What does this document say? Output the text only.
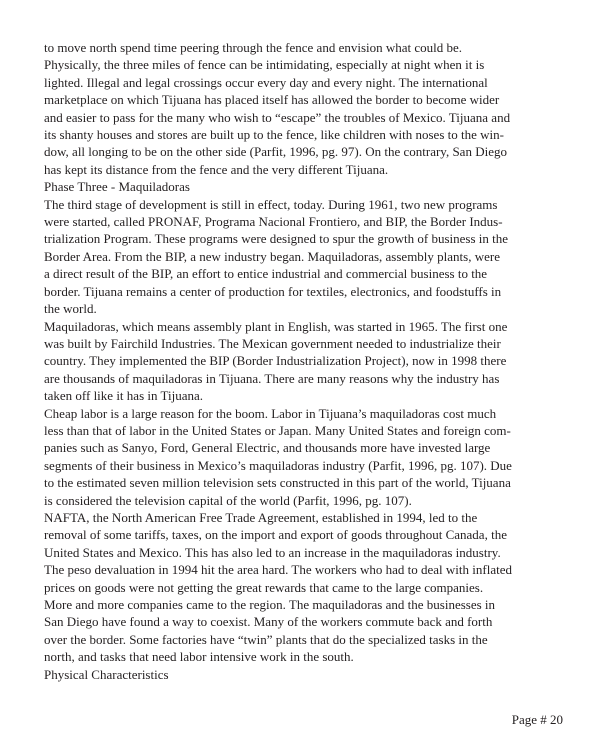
to move north spend time peering through the fence and envision what could be.
Physically, the three miles of fence can be intimidating, especially at night when it is
lighted. Illegal and legal crossings occur every day and every night. The international
marketplace on which Tijuana has placed itself has allowed the border to become wider
and easier to pass for the many who wish to “escape” the troubles of Mexico. Tijuana and
its shanty houses and stores are built up to the fence, like children with noses to the win-
dow, all longing to be on the other side (Parfit, 1996, pg. 97). On the contrary, San Diego
has kept its distance from the fence and the very different Tijuana.
Phase Three - Maquiladoras
The third stage of development is still in effect, today. During 1961, two new programs
were started, called PRONAF, Programa Nacional Frontiero, and BIP, the Border Indus-
trialization Program. These programs were designed to spur the growth of business in the
Border Area. From the BIP, a new industry began. Maquiladoras, assembly plants, were
a direct result of the BIP, an effort to entice industrial and commercial business to the
border. Tijuana remains a center of production for textiles, electronics, and foodstuffs in
the world.
Maquiladoras, which means assembly plant in English, was started in 1965. The first one
was built by Fairchild Industries. The Mexican government needed to industrialize their
country. They implemented the BIP (Border Industrialization Project), now in 1998 there
are thousands of maquiladoras in Tijuana. There are many reasons why the industry has
taken off like it has in Tijuana.
Cheap labor is a large reason for the boom. Labor in Tijuana’s maquiladoras cost much
less than that of labor in the United States or Japan. Many United States and foreign com-
panies such as Sanyo, Ford, General Electric, and thousands more have invested large
segments of their business in Mexico’s maquiladoras industry (Parfit, 1996, pg. 107). Due
to the estimated seven million television sets constructed in this part of the world, Tijuana
is considered the television capital of the world (Parfit, 1996, pg. 107).
NAFTA, the North American Free Trade Agreement, established in 1994, led to the
removal of some tariffs, taxes, on the import and export of goods throughout Canada, the
United States and Mexico. This has also led to an increase in the maquiladoras industry.
The peso devaluation in 1994 hit the area hard. The workers who had to deal with inflated
prices on goods were not getting the great rewards that came to the large companies.
More and more companies came to the region. The maquiladoras and the businesses in
San Diego have found a way to coexist. Many of the workers commute back and forth
over the border. Some factories have “twin” plants that do the specialized tasks in the
north, and tasks that need labor intensive work in the south.
Physical Characteristics
Page # 20
